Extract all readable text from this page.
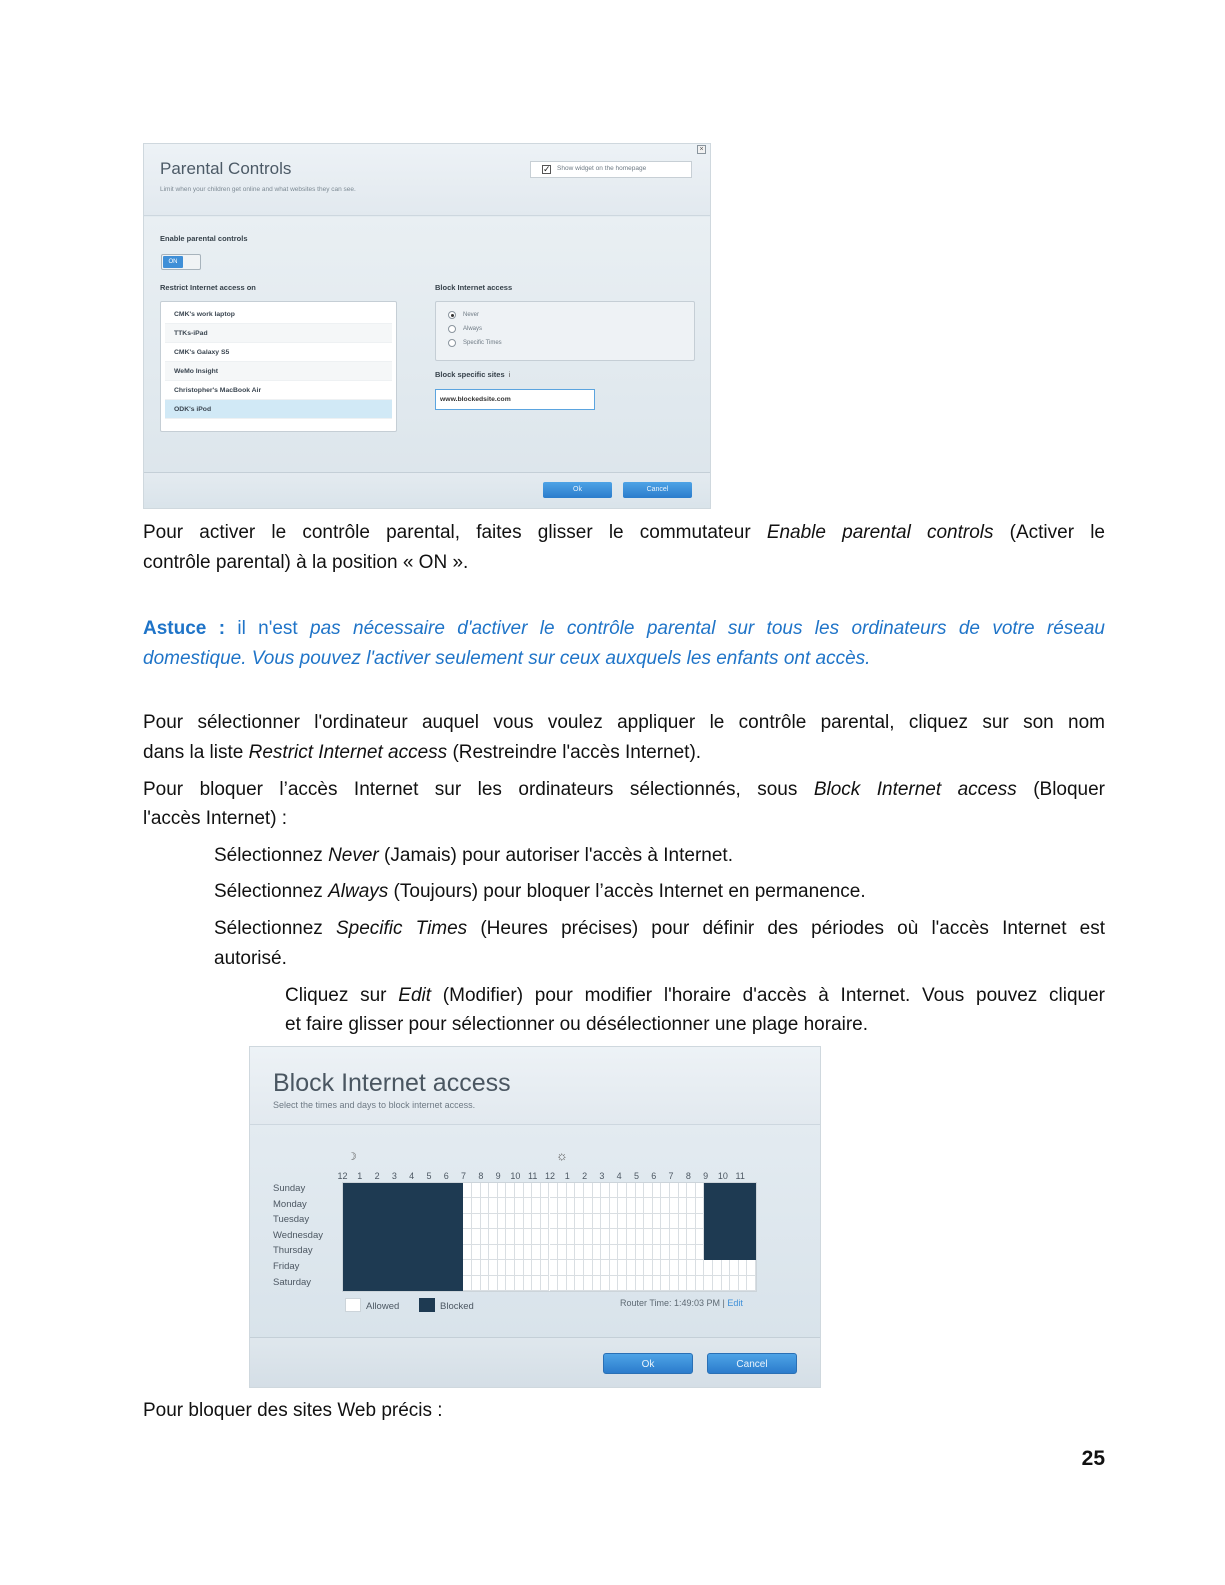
Parental Controls
Limit when your children get online and what websites they can see.
×
✓ Show widget on the homepage
Enable parental controls
ON
Restrict Internet access on
CMK's work laptop
TTKs-iPad
CMK's Galaxy S5
WeMo Insight
Christopher's MacBook Air
ODK's iPod
Block Internet access
Never
Always
Specific Times
Block specific sites i
www.blockedsite.com
Ok	Cancel
Pour activer le contrôle parental, faites glisser le commutateur Enable parental controls (Activer le
contrôle parental) à la position « ON ».
Astuce : il n'est pas nécessaire d'activer le contrôle parental sur tous les ordinateurs de votre réseau
domestique. Vous pouvez l'activer seulement sur ceux auxquels les enfants ont accès.
Pour sélectionner l'ordinateur auquel vous voulez appliquer le contrôle parental, cliquez sur son nom
dans la liste Restrict Internet access (Restreindre l'accès Internet).
Pour bloquer l’accès Internet sur les ordinateurs sélectionnés, sous Block Internet access (Bloquer
l'accès Internet) :
Sélectionnez Never (Jamais) pour autoriser l'accès à Internet.
Sélectionnez Always (Toujours) pour bloquer l’accès Internet en permanence.
Sélectionnez Specific Times (Heures précises) pour définir des périodes où l'accès Internet est
autorisé.
Cliquez sur Edit (Modifier) pour modifier l'horaire d'accès à Internet. Vous pouvez cliquer
et faire glisser pour sélectionner ou désélectionner une plage horaire.
Block Internet access
Select the times and days to block internet access.
☽	☼
12	1	2	3	4	5	6	7	8	9	10 11 12	1	2	3	4	5	6	7	8	9	10 11
Sunday
Monday
Tuesday
Wednesday
Thursday
Friday
Saturday
Allowed	Blocked	Router Time: 1:49:03 PM | Edit
Ok	Cancel
Pour bloquer des sites Web précis :
25
